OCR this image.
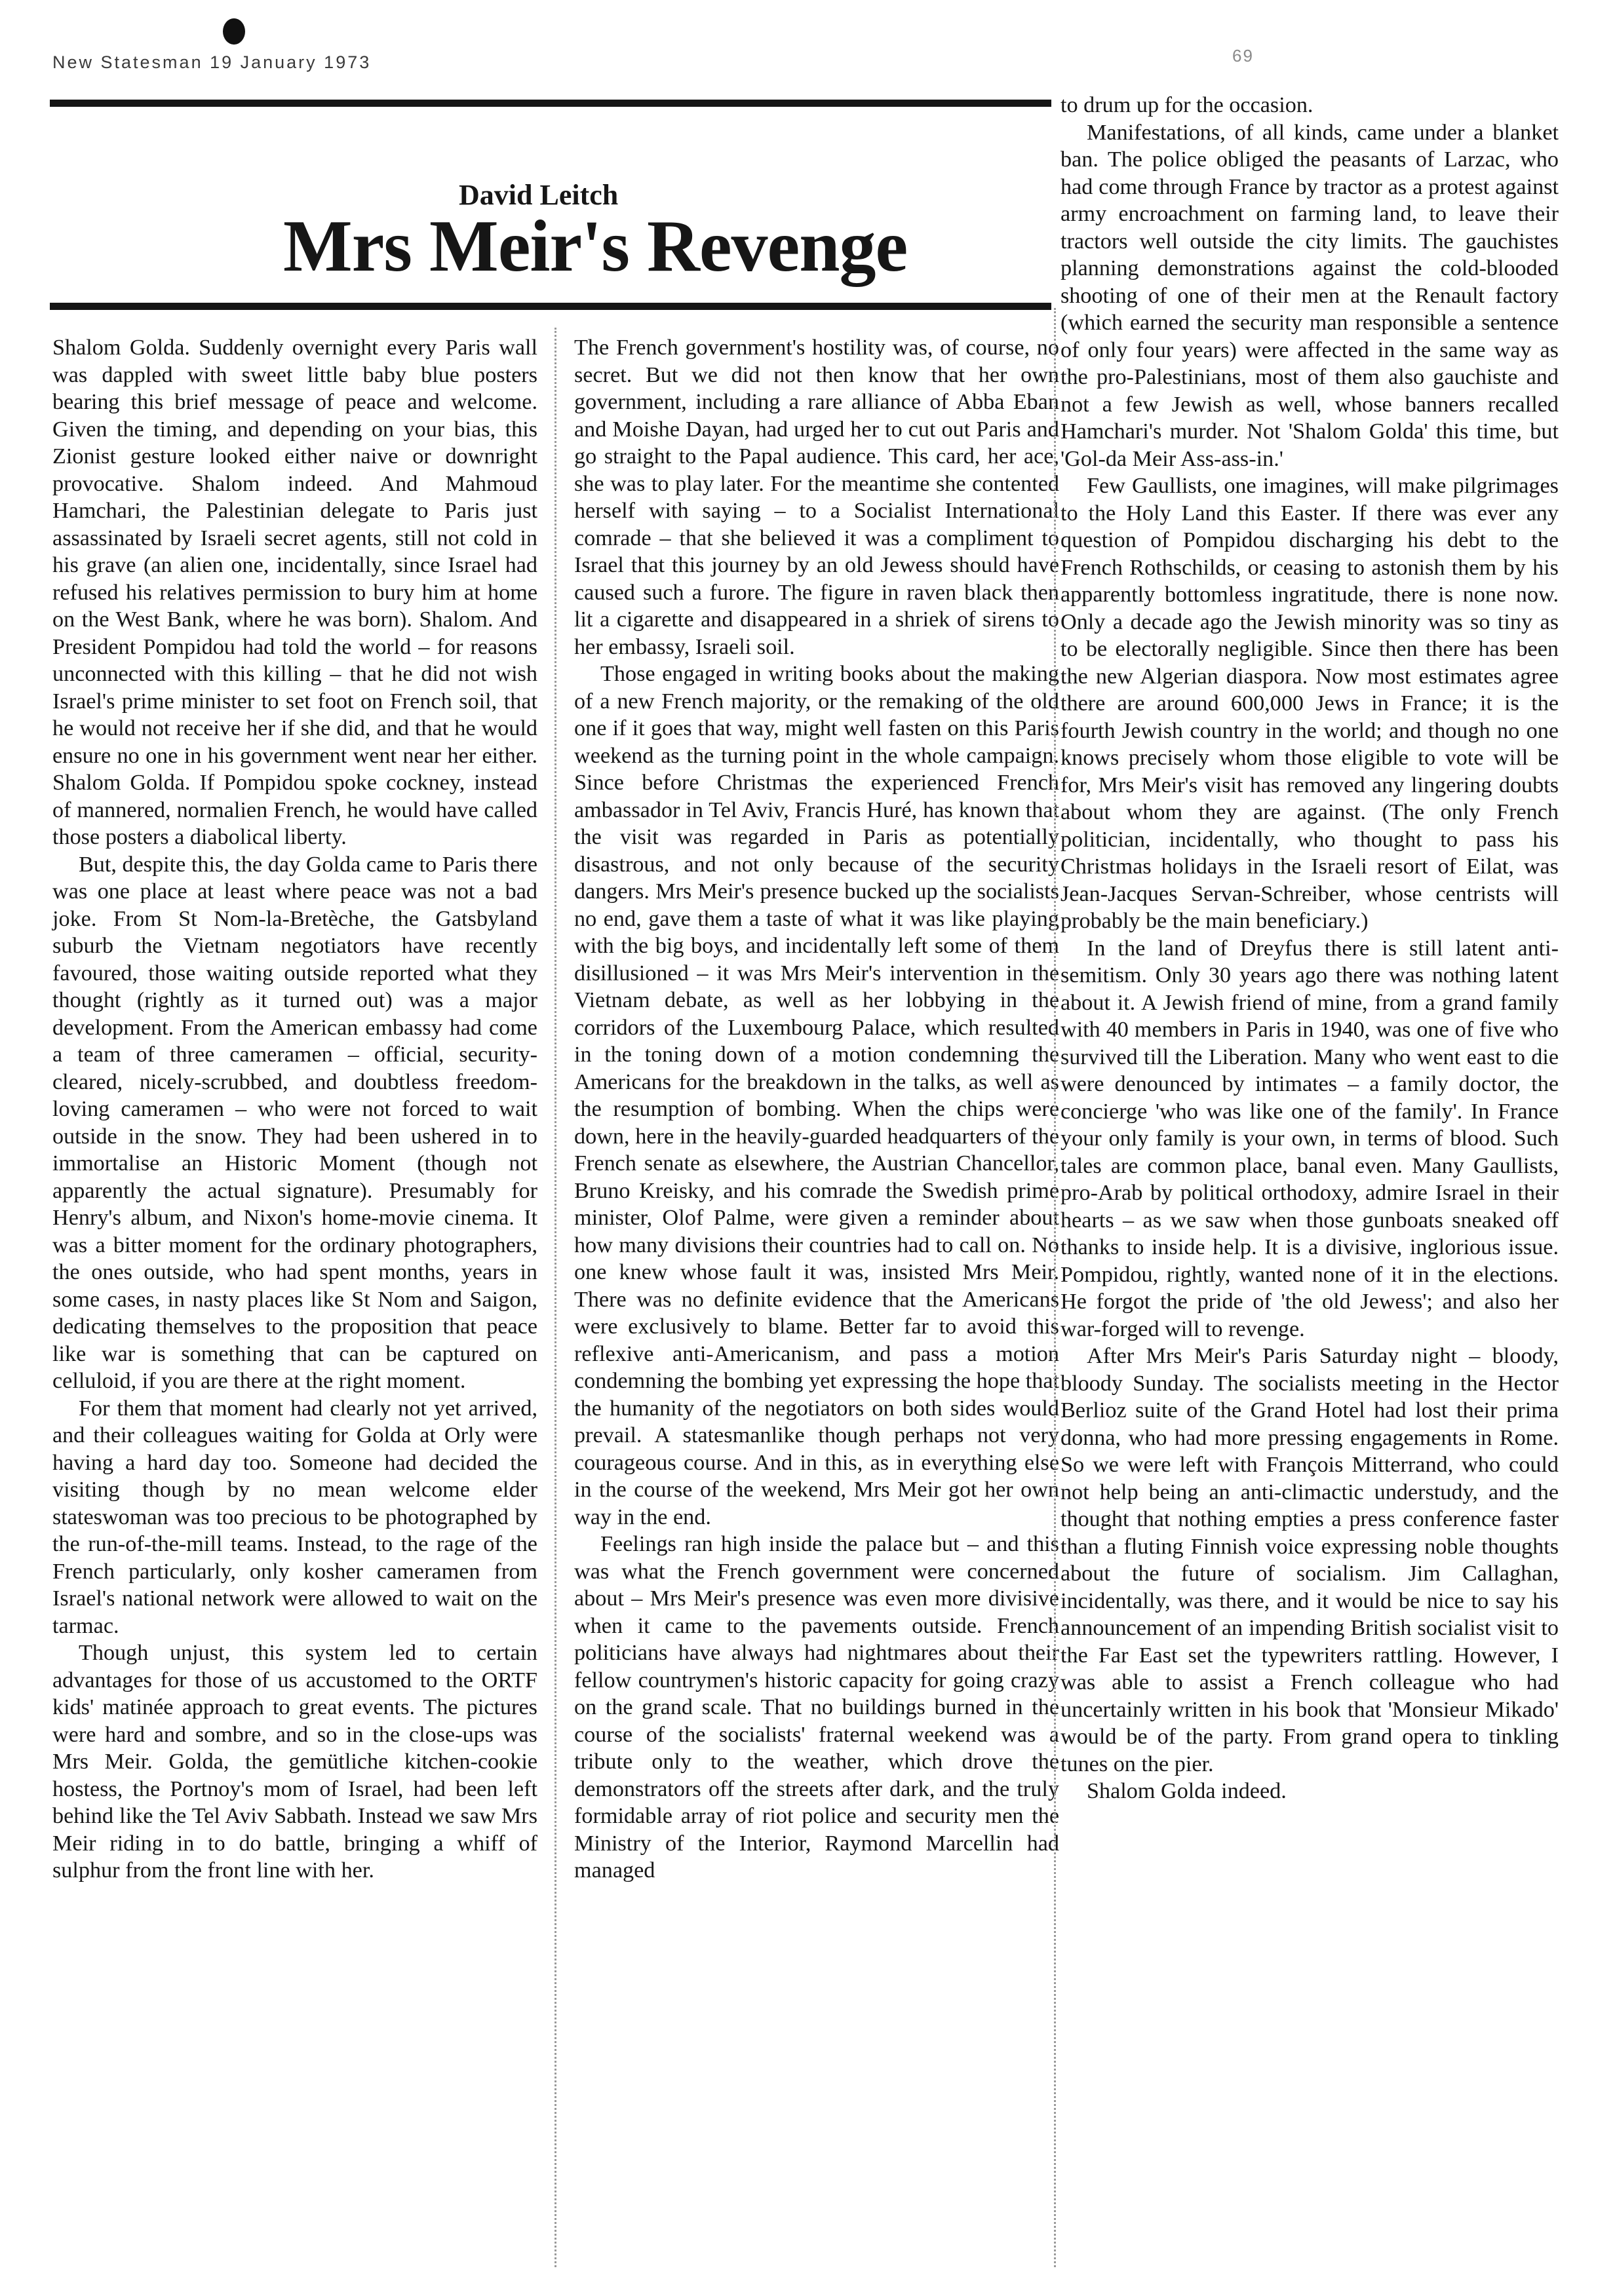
New Statesman 19 January 1973	69
David Leitch
Mrs Meir's Revenge

Shalom Golda. Suddenly overnight every Paris wall was dappled with sweet little baby blue posters bearing this brief message of peace and welcome. Given the timing, and depending on your bias, this Zionist gesture looked either naive or downright provocative. Shalom indeed. And Mahmoud Hamchari, the Palestinian delegate to Paris just assassinated by Israeli secret agents, still not cold in his grave (an alien one, incidentally, since Israel had refused his relatives permission to bury him at home on the West Bank, where he was born). Shalom. And President Pompidou had told the world – for reasons unconnected with this killing – that he did not wish Israel's prime minister to set foot on French soil, that he would not receive her if she did, and that he would ensure no one in his government went near her either. Shalom Golda. If Pompidou spoke cockney, instead of mannered, normalien French, he would have called those posters a diabolical liberty.

But, despite this, the day Golda came to Paris there was one place at least where peace was not a bad joke. From St Nom-la-Bretèche, the Gatsbyland suburb the Vietnam negotiators have recently favoured, those waiting outside reported what they thought (rightly as it turned out) was a major development. From the American embassy had come a team of three cameramen – official, security-cleared, nicely-scrubbed, and doubtless freedom-loving cameramen – who were not forced to wait outside in the snow. They had been ushered in to immortalise an Historic Moment (though not apparently the actual signature). Presumably for Henry's album, and Nixon's home-movie cinema. It was a bitter moment for the ordinary photographers, the ones outside, who had spent months, years in some cases, in nasty places like St Nom and Saigon, dedicating themselves to the proposition that peace like war is something that can be captured on celluloid, if you are there at the right moment.

For them that moment had clearly not yet arrived, and their colleagues waiting for Golda at Orly were having a hard day too. Someone had decided the visiting though by no mean welcome elder stateswoman was too precious to be photographed by the run-of-the-mill teams. Instead, to the rage of the French particularly, only kosher cameramen from Israel's national network were allowed to wait on the tarmac.

Though unjust, this system led to certain advantages for those of us accustomed to the ORTF kids' matinée approach to great events. The pictures were hard and sombre, and so in the close-ups was Mrs Meir. Golda, the gemütliche kitchen-cookie hostess, the Portnoy's mom of Israel, had been left behind like the Tel Aviv Sabbath. Instead we saw Mrs Meir riding in to do battle, bringing a whiff of sulphur from the front line with her.

The French government's hostility was, of course, no secret. But we did not then know that her own government, including a rare alliance of Abba Eban and Moishe Dayan, had urged her to cut out Paris and go straight to the Papal audience. This card, her ace, she was to play later. For the meantime she contented herself with saying – to a Socialist International comrade – that she believed it was a compliment to Israel that this journey by an old Jewess should have caused such a furore. The figure in raven black then lit a cigarette and disappeared in a shriek of sirens to her embassy, Israeli soil.

Those engaged in writing books about the making of a new French majority, or the remaking of the old one if it goes that way, might well fasten on this Paris weekend as the turning point in the whole campaign. Since before Christmas the experienced French ambassador in Tel Aviv, Francis Huré, has known that the visit was regarded in Paris as potentially disastrous, and not only because of the security dangers. Mrs Meir's presence bucked up the socialists no end, gave them a taste of what it was like playing with the big boys, and incidentally left some of them disillusioned – it was Mrs Meir's intervention in the Vietnam debate, as well as her lobbying in the corridors of the Luxembourg Palace, which resulted in the toning down of a motion condemning the Americans for the breakdown in the talks, as well as the resumption of bombing. When the chips were down, here in the heavily-guarded headquarters of the French senate as elsewhere, the Austrian Chancellor, Bruno Kreisky, and his comrade the Swedish prime minister, Olof Palme, were given a reminder about how many divisions their countries had to call on. No one knew whose fault it was, insisted Mrs Meir. There was no definite evidence that the Americans were exclusively to blame. Better far to avoid this reflexive anti-Americanism, and pass a motion condemning the bombing yet expressing the hope that the humanity of the negotiators on both sides would prevail. A statesmanlike though perhaps not very courageous course. And in this, as in everything else in the course of the weekend, Mrs Meir got her own way in the end.

Feelings ran high inside the palace but – and this was what the French government were concerned about – Mrs Meir's presence was even more divisive when it came to the pavements outside. French politicians have always had nightmares about their fellow countrymen's historic capacity for going crazy on the grand scale. That no buildings burned in the course of the socialists' fraternal weekend was a tribute only to the weather, which drove the demonstrators off the streets after dark, and the truly formidable array of riot police and security men the Ministry of the Interior, Raymond Marcellin had managed

to drum up for the occasion.

Manifestations, of all kinds, came under a blanket ban. The police obliged the peasants of Larzac, who had come through France by tractor as a protest against army encroachment on farming land, to leave their tractors well outside the city limits. The gauchistes planning demonstrations against the cold-blooded shooting of one of their men at the Renault factory (which earned the security man responsible a sentence of only four years) were affected in the same way as the pro-Palestinians, most of them also gauchiste and not a few Jewish as well, whose banners recalled Hamchari's murder. Not 'Shalom Golda' this time, but 'Gol-da Meir Ass-ass-in.'

Few Gaullists, one imagines, will make pilgrimages to the Holy Land this Easter. If there was ever any question of Pompidou discharging his debt to the French Rothschilds, or ceasing to astonish them by his apparently bottomless ingratitude, there is none now. Only a decade ago the Jewish minority was so tiny as to be electorally negligible. Since then there has been the new Algerian diaspora. Now most estimates agree there are around 600,000 Jews in France; it is the fourth Jewish country in the world; and though no one knows precisely whom those eligible to vote will be for, Mrs Meir's visit has removed any lingering doubts about whom they are against. (The only French politician, incidentally, who thought to pass his Christmas holidays in the Israeli resort of Eilat, was Jean-Jacques Servan-Schreiber, whose centrists will probably be the main beneficiary.)

In the land of Dreyfus there is still latent anti-semitism. Only 30 years ago there was nothing latent about it. A Jewish friend of mine, from a grand family with 40 members in Paris in 1940, was one of five who survived till the Liberation. Many who went east to die were denounced by intimates – a family doctor, the concierge 'who was like one of the family'. In France your only family is your own, in terms of blood. Such tales are common place, banal even. Many Gaullists, pro-Arab by political orthodoxy, admire Israel in their hearts – as we saw when those gunboats sneaked off thanks to inside help. It is a divisive, inglorious issue. Pompidou, rightly, wanted none of it in the elections. He forgot the pride of 'the old Jewess'; and also her war-forged will to revenge.

After Mrs Meir's Paris Saturday night – bloody, bloody Sunday. The socialists meeting in the Hector Berlioz suite of the Grand Hotel had lost their prima donna, who had more pressing engagements in Rome. So we were left with François Mitterrand, who could not help being an anti-climactic understudy, and the thought that nothing empties a press conference faster than a fluting Finnish voice expressing noble thoughts about the future of socialism. Jim Callaghan, incidentally, was there, and it would be nice to say his announcement of an impending British socialist visit to the Far East set the typewriters rattling. However, I was able to assist a French colleague who had uncertainly written in his book that 'Monsieur Mikado' would be of the party. From grand opera to tinkling tunes on the pier.

Shalom Golda indeed.
